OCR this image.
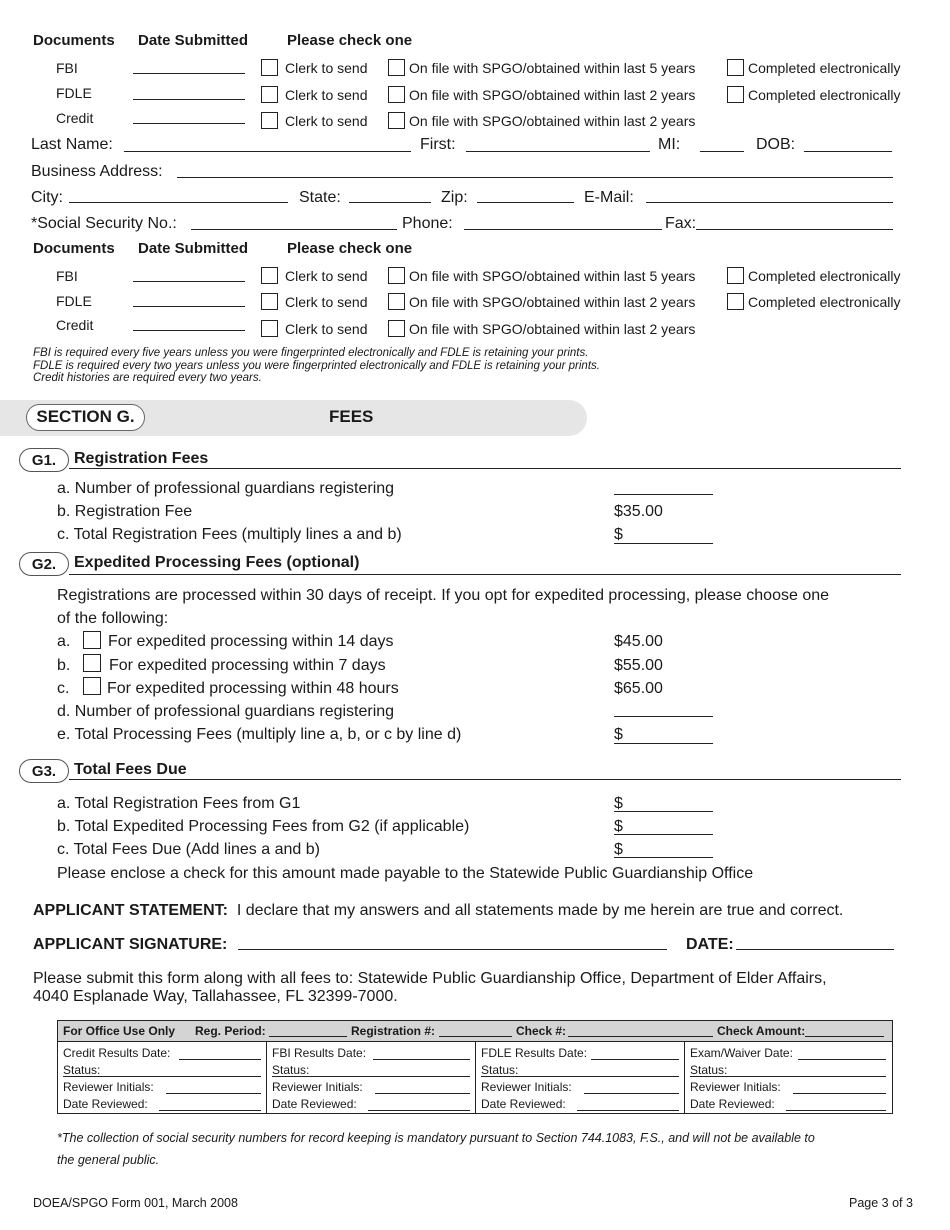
Documents Date Submitted	Please check one
FBI	Clerk to send	On file with SPGO/obtained within last 5 years	Completed electronically
FDLE	Clerk to send	On file with SPGO/obtained within last 2 years	Completed electronically
Credit	Clerk to send	On file with SPGO/obtained within last 2 years
Last Name:	First:	MI:	DOB:
Business Address:
City:	State:	Zip:	E-Mail:
*Social Security No.:	Phone:	Fax:
Documents Date Submitted	Please check one
FBI	Clerk to send	On file with SPGO/obtained within last 5 years	Completed electronically
FDLE	Clerk to send	On file with SPGO/obtained within last 2 years	Completed electronically
Credit	Clerk to send	On file with SPGO/obtained within last 2 years
FBI is required every five years unless you were fingerprinted electronically and FDLE is retaining your prints.
FDLE is required every two years unless you were fingerprinted electronically and FDLE is retaining your prints.
Credit histories are required every two years.
SECTION G.	FEES
G1.	Registration Fees
a. Number of professional guardians registering
b. Registration Fee	$35.00
c. Total Registration Fees (multiply lines a and b)	$
G2.	Expedited Processing Fees (optional)
Registrations are processed within 30 days of receipt. If you opt for expedited processing, please choose one
of the following:
a. For expedited processing within 14 days	$45.00
b. For expedited processing within 7 days	$55.00
c. For expedited processing within 48 hours	$65.00
d. Number of professional guardians registering
e. Total Processing Fees (multiply line a, b, or c by line d)	$
G3.	Total Fees Due
a. Total Registration Fees from G1	$
b. Total Expedited Processing Fees from G2 (if applicable)	$
c. Total Fees Due (Add lines a and b)	$
Please enclose a check for this amount made payable to the Statewide Public Guardianship Office
APPLICANT STATEMENT: I declare that my answers and all statements made by me herein are true and correct.
APPLICANT SIGNATURE:	DATE:
Please submit this form along with all fees to: Statewide Public Guardianship Office, Department of Elder Affairs,
4040 Esplanade Way, Tallahassee, FL 32399-7000.
For Office Use Only Reg. Period:	Registration #:	Check #:	Check Amount:
Credit Results Date:
Status:
Reviewer Initials:
Date Reviewed:
FBI Results Date:
Status:
Reviewer Initials:
Date Reviewed:
FDLE Results Date:
Status:
Reviewer Initials:
Date Reviewed:
Exam/Waiver Date:
Status:
Reviewer Initials:
Date Reviewed:
*The collection of social security numbers for record keeping is mandatory pursuant to Section 744.1083, F.S., and will not be available to
the general public.
DOEA/SPGO Form 001, March 2008	Page 3 of 3
